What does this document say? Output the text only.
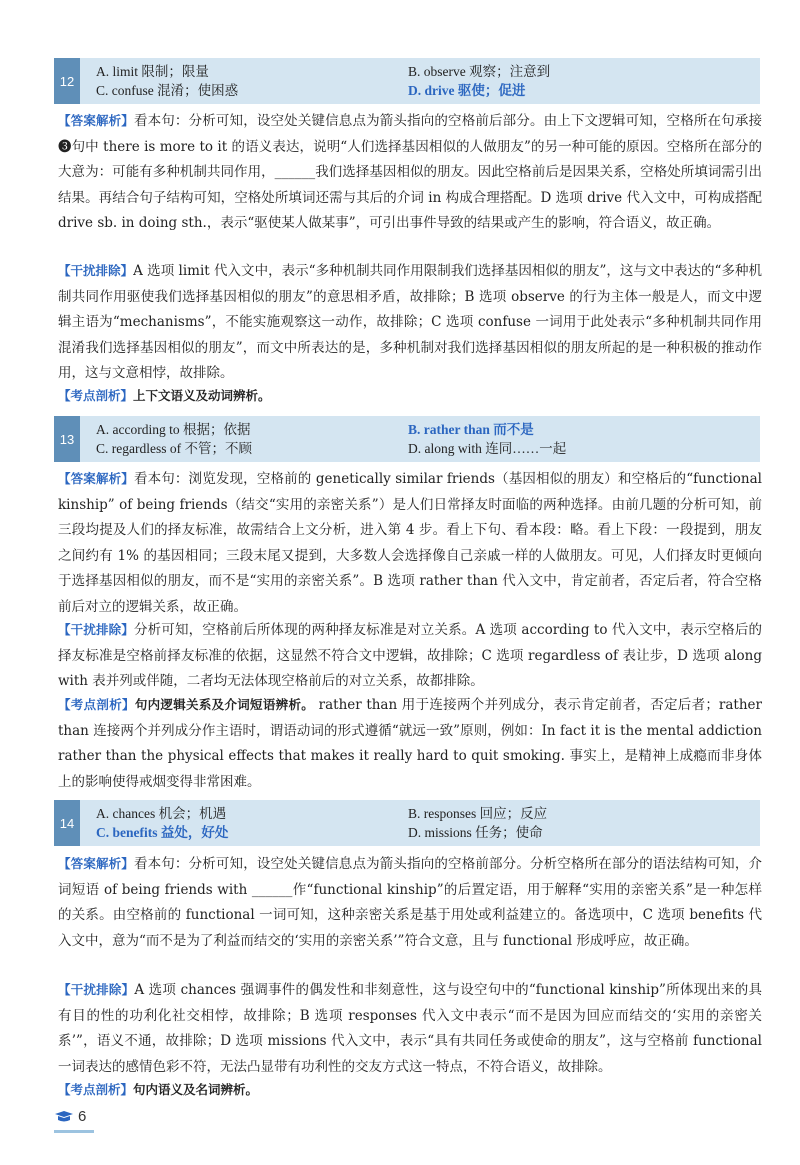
12
A. limit 限制；限量	B. observe 观察；注意到
C. confuse 混淆；使困惑	D. drive 驱使；促进

【答案解析】看本句：分析可知，设空处关键信息点为箭头指向的空格前后部分。由上下文逻辑可知，空格所在句承接❸句中 there is more to it 的语义表达，说明“人们选择基因相似的人做朋友”的另一种可能的原因。空格所在部分的大意为：可能有多种机制共同作用，______我们选择基因相似的朋友。因此空格前后是因果关系，空格处所填词需引出结果。再结合句子结构可知，空格处所填词还需与其后的介词 in 构成合理搭配。D 选项 drive 代入文中，可构成搭配 drive sb. in doing sth.，表示“驱使某人做某事”，可引出事件导致的结果或产生的影响，符合语义，故正确。

【干扰排除】A 选项 limit 代入文中，表示“多种机制共同作用限制我们选择基因相似的朋友”，这与文中表达的“多种机制共同作用驱使我们选择基因相似的朋友”的意思相矛盾，故排除；B 选项 observe 的行为主体一般是人，而文中逻辑主语为“mechanisms”，不能实施观察这一动作，故排除；C 选项 confuse 一词用于此处表示“多种机制共同作用混淆我们选择基因相似的朋友”，而文中所表达的是，多种机制对我们选择基因相似的朋友所起的是一种积极的推动作用，这与文意相悖，故排除。

【考点剖析】上下文语义及动词辨析。

13
A. according to 根据；依据	B. rather than 而不是
C. regardless of 不管；不顾	D. along with 连同……一起

【答案解析】看本句：浏览发现，空格前的 genetically similar friends（基因相似的朋友）和空格后的“functional kinship” of being friends（结交“实用的亲密关系”）是人们日常择友时面临的两种选择。由前几题的分析可知，前三段均提及人们的择友标准，故需结合上文分析，进入第 4 步。看上下句、看本段：略。看上下段：一段提到，朋友之间约有 1% 的基因相同；三段末尾又提到，大多数人会选择像自己亲戚一样的人做朋友。可见，人们择友时更倾向于选择基因相似的朋友，而不是“实用的亲密关系”。B 选项 rather than 代入文中，肯定前者，否定后者，符合空格前后对立的逻辑关系，故正确。

【干扰排除】分析可知，空格前后所体现的两种择友标准是对立关系。A 选项 according to 代入文中，表示空格后的择友标准是空格前择友标准的依据，这显然不符合文中逻辑，故排除；C 选项 regardless of 表让步，D 选项 along with 表并列或伴随，二者均无法体现空格前后的对立关系，故都排除。

【考点剖析】句内逻辑关系及介词短语辨析。 rather than 用于连接两个并列成分，表示肯定前者，否定后者；rather than 连接两个并列成分作主语时，谓语动词的形式遵循“就远一致”原则，例如：In fact it is the mental addiction rather than the physical effects that makes it really hard to quit smoking. 事实上，是精神上成瘾而非身体上的影响使得戒烟变得非常困难。

14
A. chances 机会；机遇	B. responses 回应；反应
C. benefits 益处，好处	D. missions 任务；使命

【答案解析】看本句：分析可知，设空处关键信息点为箭头指向的空格前部分。分析空格所在部分的语法结构可知，介词短语 of being friends with ______作“functional kinship”的后置定语，用于解释“实用的亲密关系”是一种怎样的关系。由空格前的 functional 一词可知，这种亲密关系是基于用处或利益建立的。备选项中，C 选项 benefits 代入文中，意为“而不是为了利益而结交的‘实用的亲密关系’”符合文意，且与 functional 形成呼应，故正确。

【干扰排除】A 选项 chances 强调事件的偶发性和非刻意性，这与设空句中的“functional kinship”所体现出来的具有目的性的功利化社交相悖，故排除；B 选项 responses 代入文中表示“而不是因为回应而结交的‘实用的亲密关系’”，语义不通，故排除；D 选项 missions 代入文中，表示“具有共同任务或使命的朋友”，这与空格前 functional 一词表达的感情色彩不符，无法凸显带有功利性的交友方式这一特点，不符合语义，故排除。

【考点剖析】句内语义及名词辨析。

6
